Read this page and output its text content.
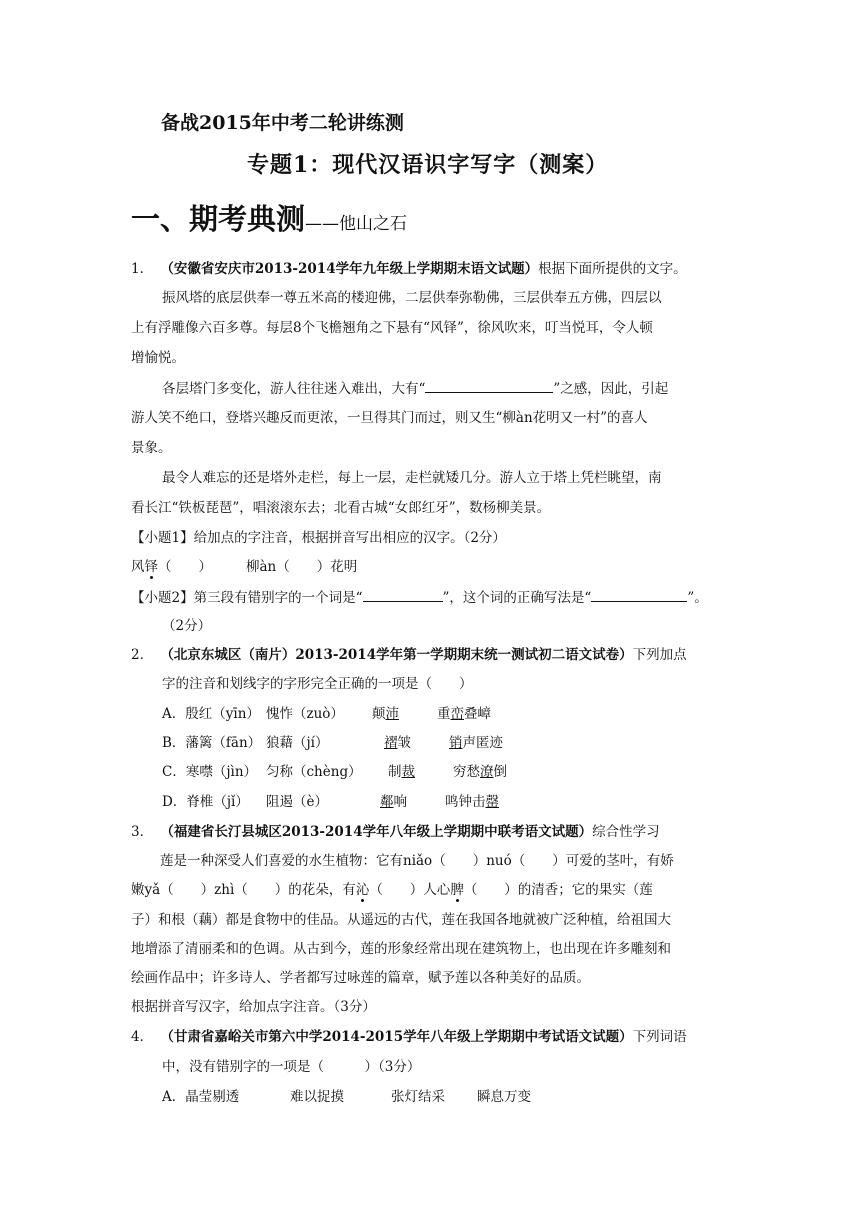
备战2015年中考二轮讲练测
专题1：现代汉语识字写字（测案）
一、期考典测——他山之石
1． （安徽省安庆市2013-2014学年九年级上学期期末语文试题）根据下面所提供的文字。
振风塔的底层供奉一尊五米高的楼迎佛，二层供奉弥勒佛，三层供奉五方佛，四层以
上有浮雕像六百多尊。每层8个飞檐翘角之下悬有“风铎”，徐风吹来，叮当悦耳，令人顿
增愉悦。
各层塔门多变化，游人往往迷入难出，大有“	”之感，因此，引起
游人笑不绝口，登塔兴趣反而更浓，一旦得其门而过，则又生“柳àn花明又一村”的喜人
景象。
最令人难忘的还是塔外走栏，每上一层，走栏就矮几分。游人立于塔上凭栏眺望，南
看长江“铁板琵琶”，唱滚滚东去；北看古城“女郎红牙”，数杨柳美景。
【小题1】给加点的字注音，根据拼音写出相应的汉字。（2分）
风铎（　　）	柳àn（　　）花明
【小题2】第三段有错别字的一个词是“	”，这个词的正确写法是“	”。
（2分）
2． （北京东城区（南片）2013-2014学年第一学期期末统一测试初二语文试卷）下列加点
字的注音和划线字的字形完全正确的一项是（　　）
A．殷红（yīn） 愧怍（zuò） 颠沛	重峦叠嶂
B．藩篱（fān） 狼藉（jí）	褶皱	销声匿迹
C．寒噤（jìn） 匀称（chèng） 制裁	穷愁潦倒
D．脊椎（jǐ） 阻遏（è）	鄰响	鸣钟击罄
3． （福建省长汀县城区2013-2014学年八年级上学期期中联考语文试题）综合性学习
莲是一种深受人们喜爱的水生植物：它有niǎo（　　）nuó（　　）可爱的茎叶，有娇
嫩yǎ（　　）zhì（　　）的花朵，有沁（　　）人心脾（　　）的清香；它的果实（莲
子）和根（藕）都是食物中的佳品。从遥远的古代，莲在我国各地就被广泛种植，给祖国大
地增添了清丽柔和的色调。从古到今，莲的形象经常出现在建筑物上，也出现在许多雕刻和
绘画作品中；许多诗人、学者都写过咏莲的篇章，赋予莲以各种美好的品质。
根据拼音写汉字，给加点字注音。（3分）
4． （甘肃省嘉峪关市第六中学2014-2015学年八年级上学期期中考试语文试题）下列词语
中，没有错别字的一项是（　　　）（3分）
A．晶莹剔透	难以捉摸	张灯结采 瞬息万变
